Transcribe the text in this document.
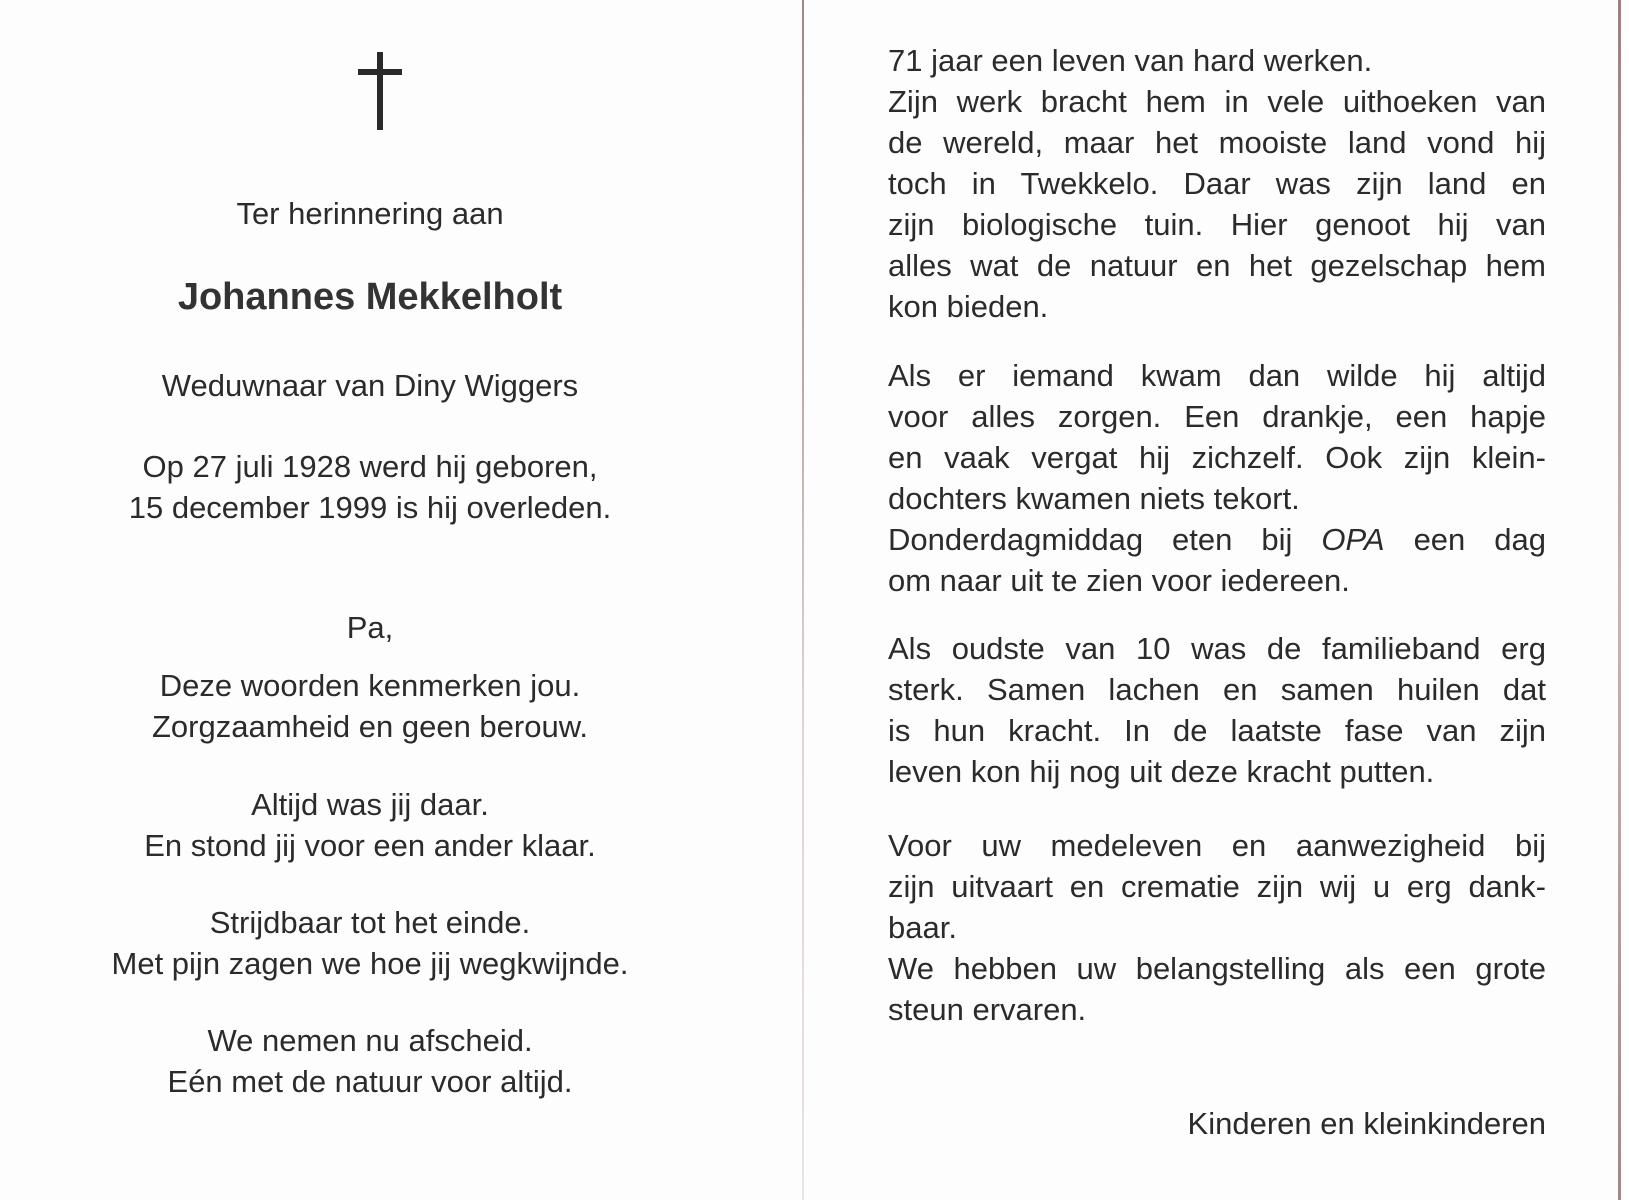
Ter herinnering aan
Johannes Mekkelholt
Weduwnaar van Diny Wiggers
Op 27 juli 1928 werd hij geboren,
15 december 1999 is hij overleden.
Pa,
Deze woorden kenmerken jou.
Zorgzaamheid en geen berouw.
Altijd was jij daar.
En stond jij voor een ander klaar.
Strijdbaar tot het einde.
Met pijn zagen we hoe jij wegkwijnde.
We nemen nu afscheid.
Eén met de natuur voor altijd.
71 jaar een leven van hard werken.
Zijn werk bracht hem in vele uithoeken van
de wereld, maar het mooiste land vond hij
toch in Twekkelo. Daar was zijn land en
zijn biologische tuin. Hier genoot hij van
alles wat de natuur en het gezelschap hem
kon bieden.
Als er iemand kwam dan wilde hij altijd
voor alles zorgen. Een drankje, een hapje
en vaak vergat hij zichzelf. Ook zijn klein-
dochters kwamen niets tekort.
Donderdagmiddag eten bij OPA een dag
om naar uit te zien voor iedereen.
Als oudste van 10 was de familieband erg
sterk. Samen lachen en samen huilen dat
is hun kracht. In de laatste fase van zijn
leven kon hij nog uit deze kracht putten.
Voor uw medeleven en aanwezigheid bij
zijn uitvaart en crematie zijn wij u erg dank-
baar.
We hebben uw belangstelling als een grote
steun ervaren.
Kinderen en kleinkinderen
